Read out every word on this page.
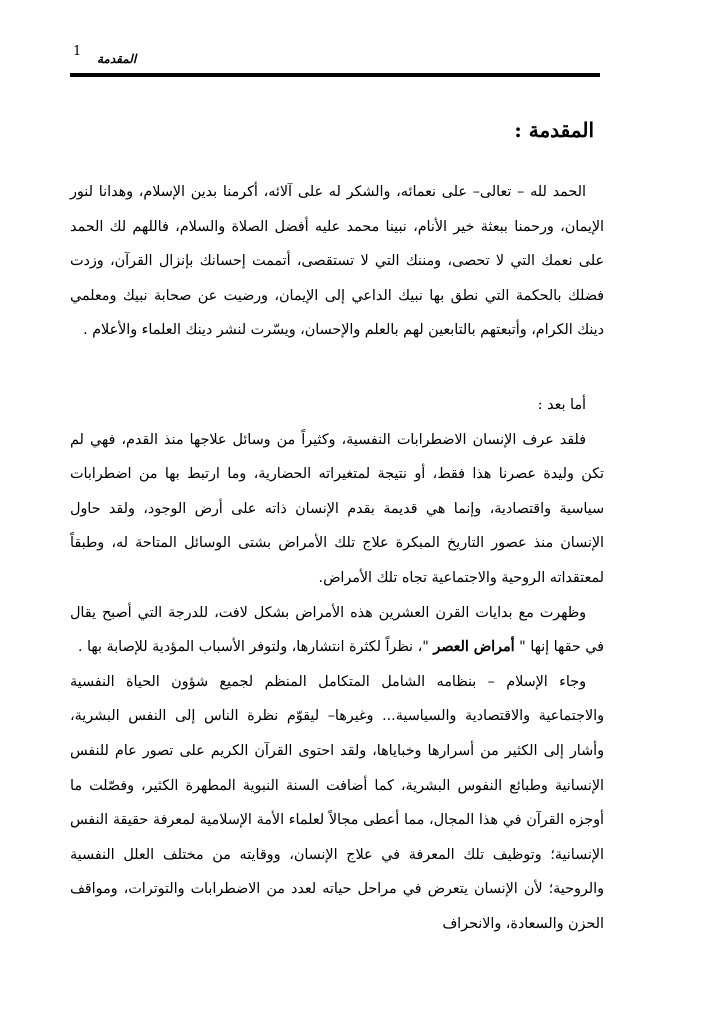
المقدمة
1
المقدمة :

الحمد لله – تعالى– على نعمائه، والشكر له على آلائه، أكرمنا بدين الإسلام، وهدانا لنور الإيمان، ورحمنا ببعثة خير الأنام، نبينا محمد عليه أفضل الصلاة والسلام، فاللهم لك الحمد على نعمك التي لا تحصى، ومننك التي لا تستقصى، أتممت إحسانك بإنزال القرآن، وزدت فضلك بالحكمة التي نطق بها نبيك الداعي إلى الإيمان، ورضيت عن صحابة نبيك ومعلمي دينك الكرام، وأتبعتهم بالتابعين لهم بالعلم والإحسان، ويسّرت لنشر دينك العلماء والأعلام .

أما بعد :

فلقد عرف الإنسان الاضطرابات النفسية، وكثيراً من وسائل علاجها منذ القدم، فهي لم تكن وليدة عصرنا هذا فقط، أو نتيجة لمتغيراته الحضارية، وما ارتبط بها من اضطرابات سياسية واقتصادية، وإنما هي قديمة بقدم الإنسان ذاته على أرض الوجود، ولقد حاول الإنسان منذ عصور التاريخ المبكرة علاج تلك الأمراض بشتى الوسائل المتاحة له، وطبقاً لمعتقداته الروحية والاجتماعية تجاه تلك الأمراض.

وظهرت مع بدايات القرن العشرين هذه الأمراض بشكل لافت، للدرجة التي أصبح يقال في حقها إنها " أمراض العصر "، نظراً لكثرة انتشارها، ولتوفر الأسباب المؤدية للإصابة بها .

وجاء الإسلام – بنظامه الشامل المتكامل المنظم لجميع شؤون الحياة النفسية والاجتماعية والاقتصادية والسياسية... وغيرها– ليقوّم نظرة الناس إلى النفس البشرية، وأشار إلى الكثير من أسرارها وخباياها، ولقد احتوى القرآن الكريم على تصور عام للنفس الإنسانية وطبائع النفوس البشرية، كما أضافت السنة النبوية المطهرة الكثير، وفصّلت ما أوجزه القرآن في هذا المجال، مما أعطى مجالاً لعلماء الأمة الإسلامية لمعرفة حقيقة النفس الإنسانية؛ وتوظيف تلك المعرفة في علاج الإنسان، ووقايته من مختلف العلل النفسية والروحية؛ لأن الإنسان يتعرض في مراحل حياته لعدد من الاضطرابات والتوترات، ومواقف الحزن والسعادة، والانحراف
